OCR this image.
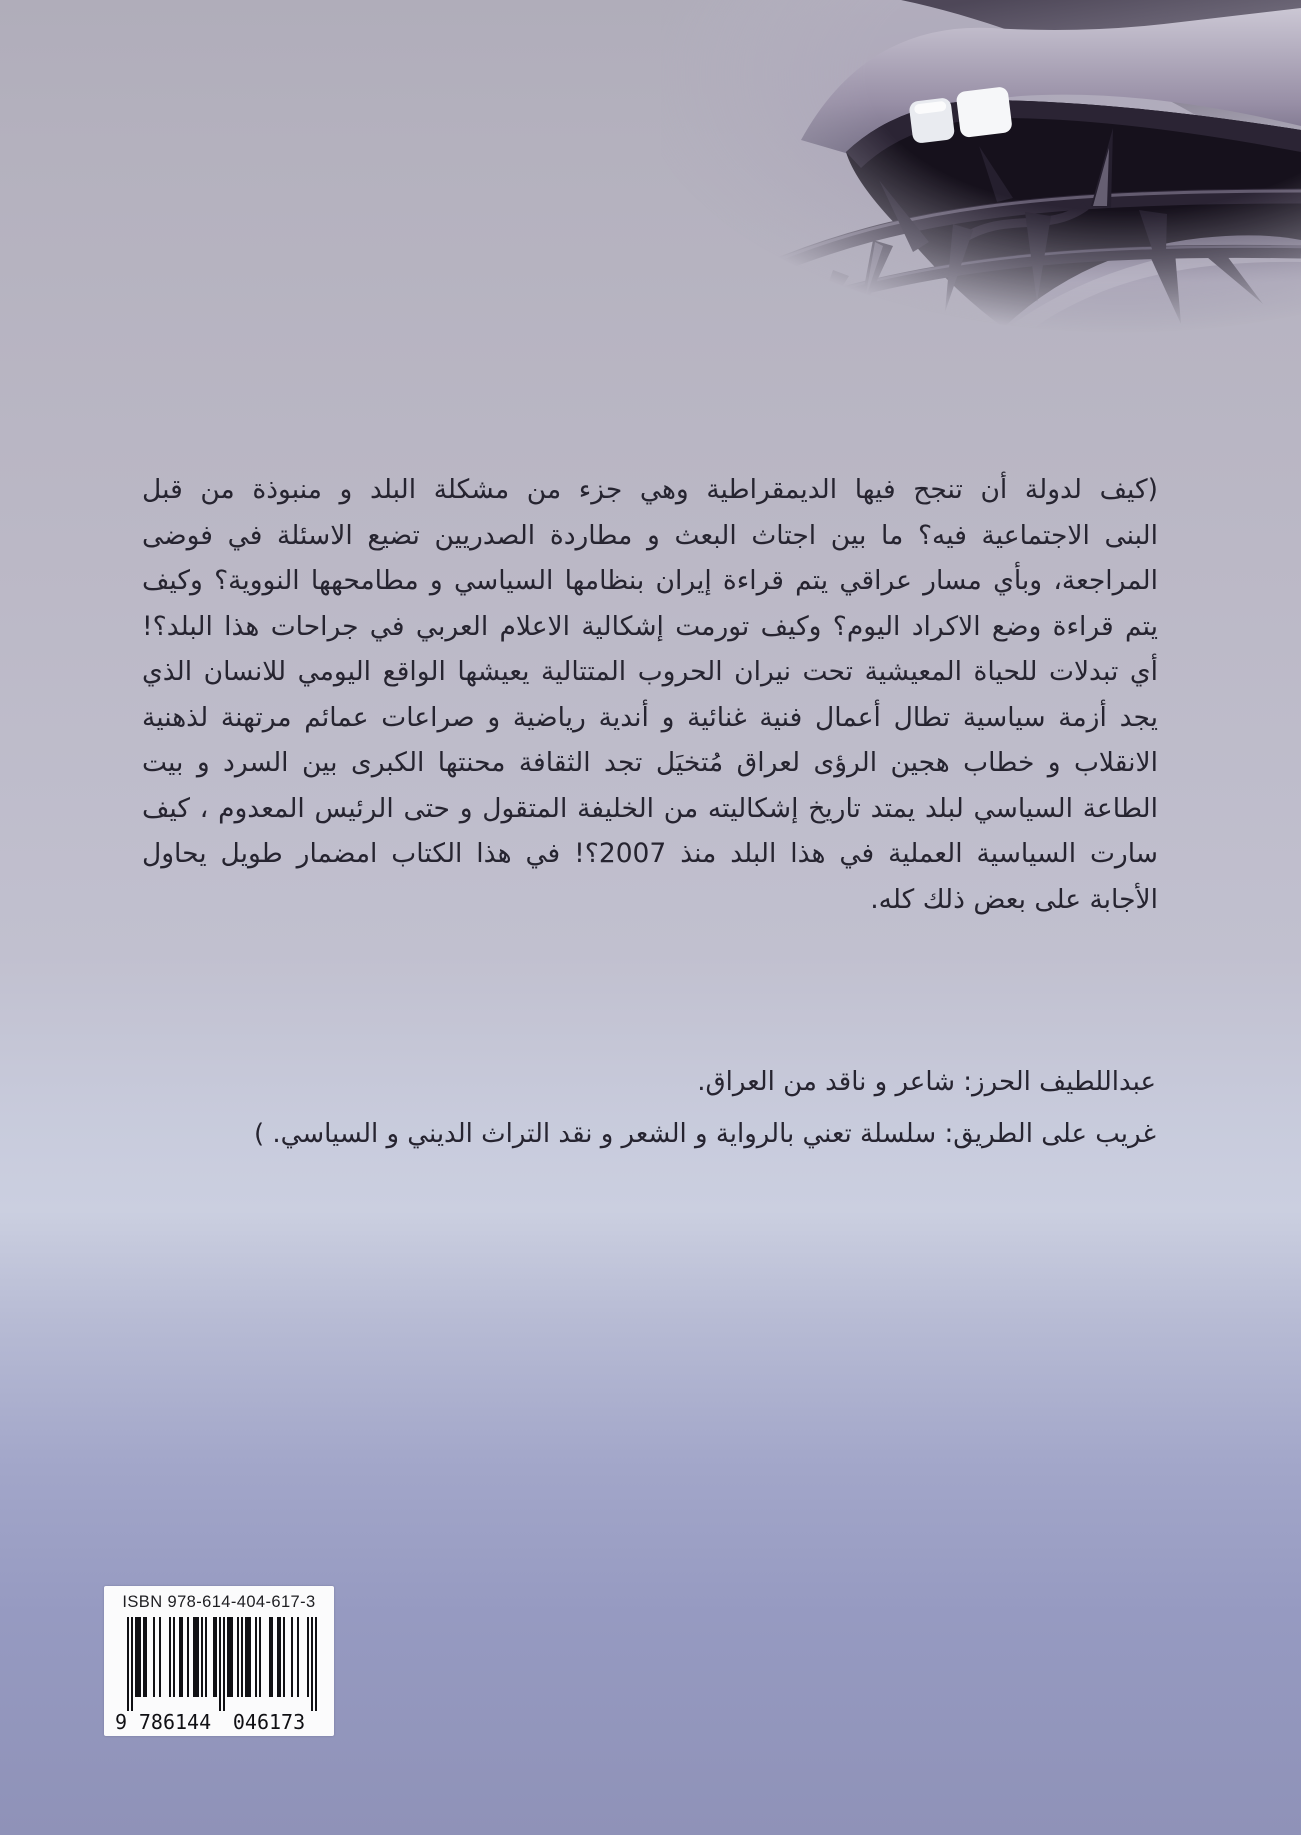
(كيف لدولة أن تنجح فيها الديمقراطية وهي جزء من مشكلة البلد و منبوذة من قبل
البنى الاجتماعية فيه؟ ما بين اجتاث البعث و مطاردة الصدريين تضيع الاسئلة في فوضى
المراجعة، وبأي مسار عراقي يتم قراءة إيران بنظامها السياسي و مطامحهها النووية؟ وكيف
يتم قراءة وضع الاكراد اليوم؟ وكيف تورمت إشكالية الاعلام العربي في جراحات هذا البلد؟!
أي تبدلات للحياة المعيشية تحت نيران الحروب المتتالية يعيشها الواقع اليومي للانسان الذي
يجد أزمة سياسية تطال أعمال فنية غنائية و أندية رياضية و صراعات عمائم مرتهنة لذهنية
الانقلاب و خطاب هجين الرؤى لعراق مُتخيَل تجد الثقافة محنتها الكبرى بين السرد و بيت
الطاعة السياسي لبلد يمتد تاريخ إشكاليته من الخليفة المتقول و حتى الرئيس المعدوم ، كيف
سارت السياسية العملية في هذا البلد منذ 2007؟! في هذا الكتاب امضمار طويل يحاول
الأجابة على بعض ذلك كله.
عبداللطيف الحرز: شاعر و ناقد من العراق.
غريب على الطريق: سلسلة تعني بالرواية و الشعر و نقد التراث الديني و السياسي. )
ISBN 978-614-404-617-3
9 786144 046173
